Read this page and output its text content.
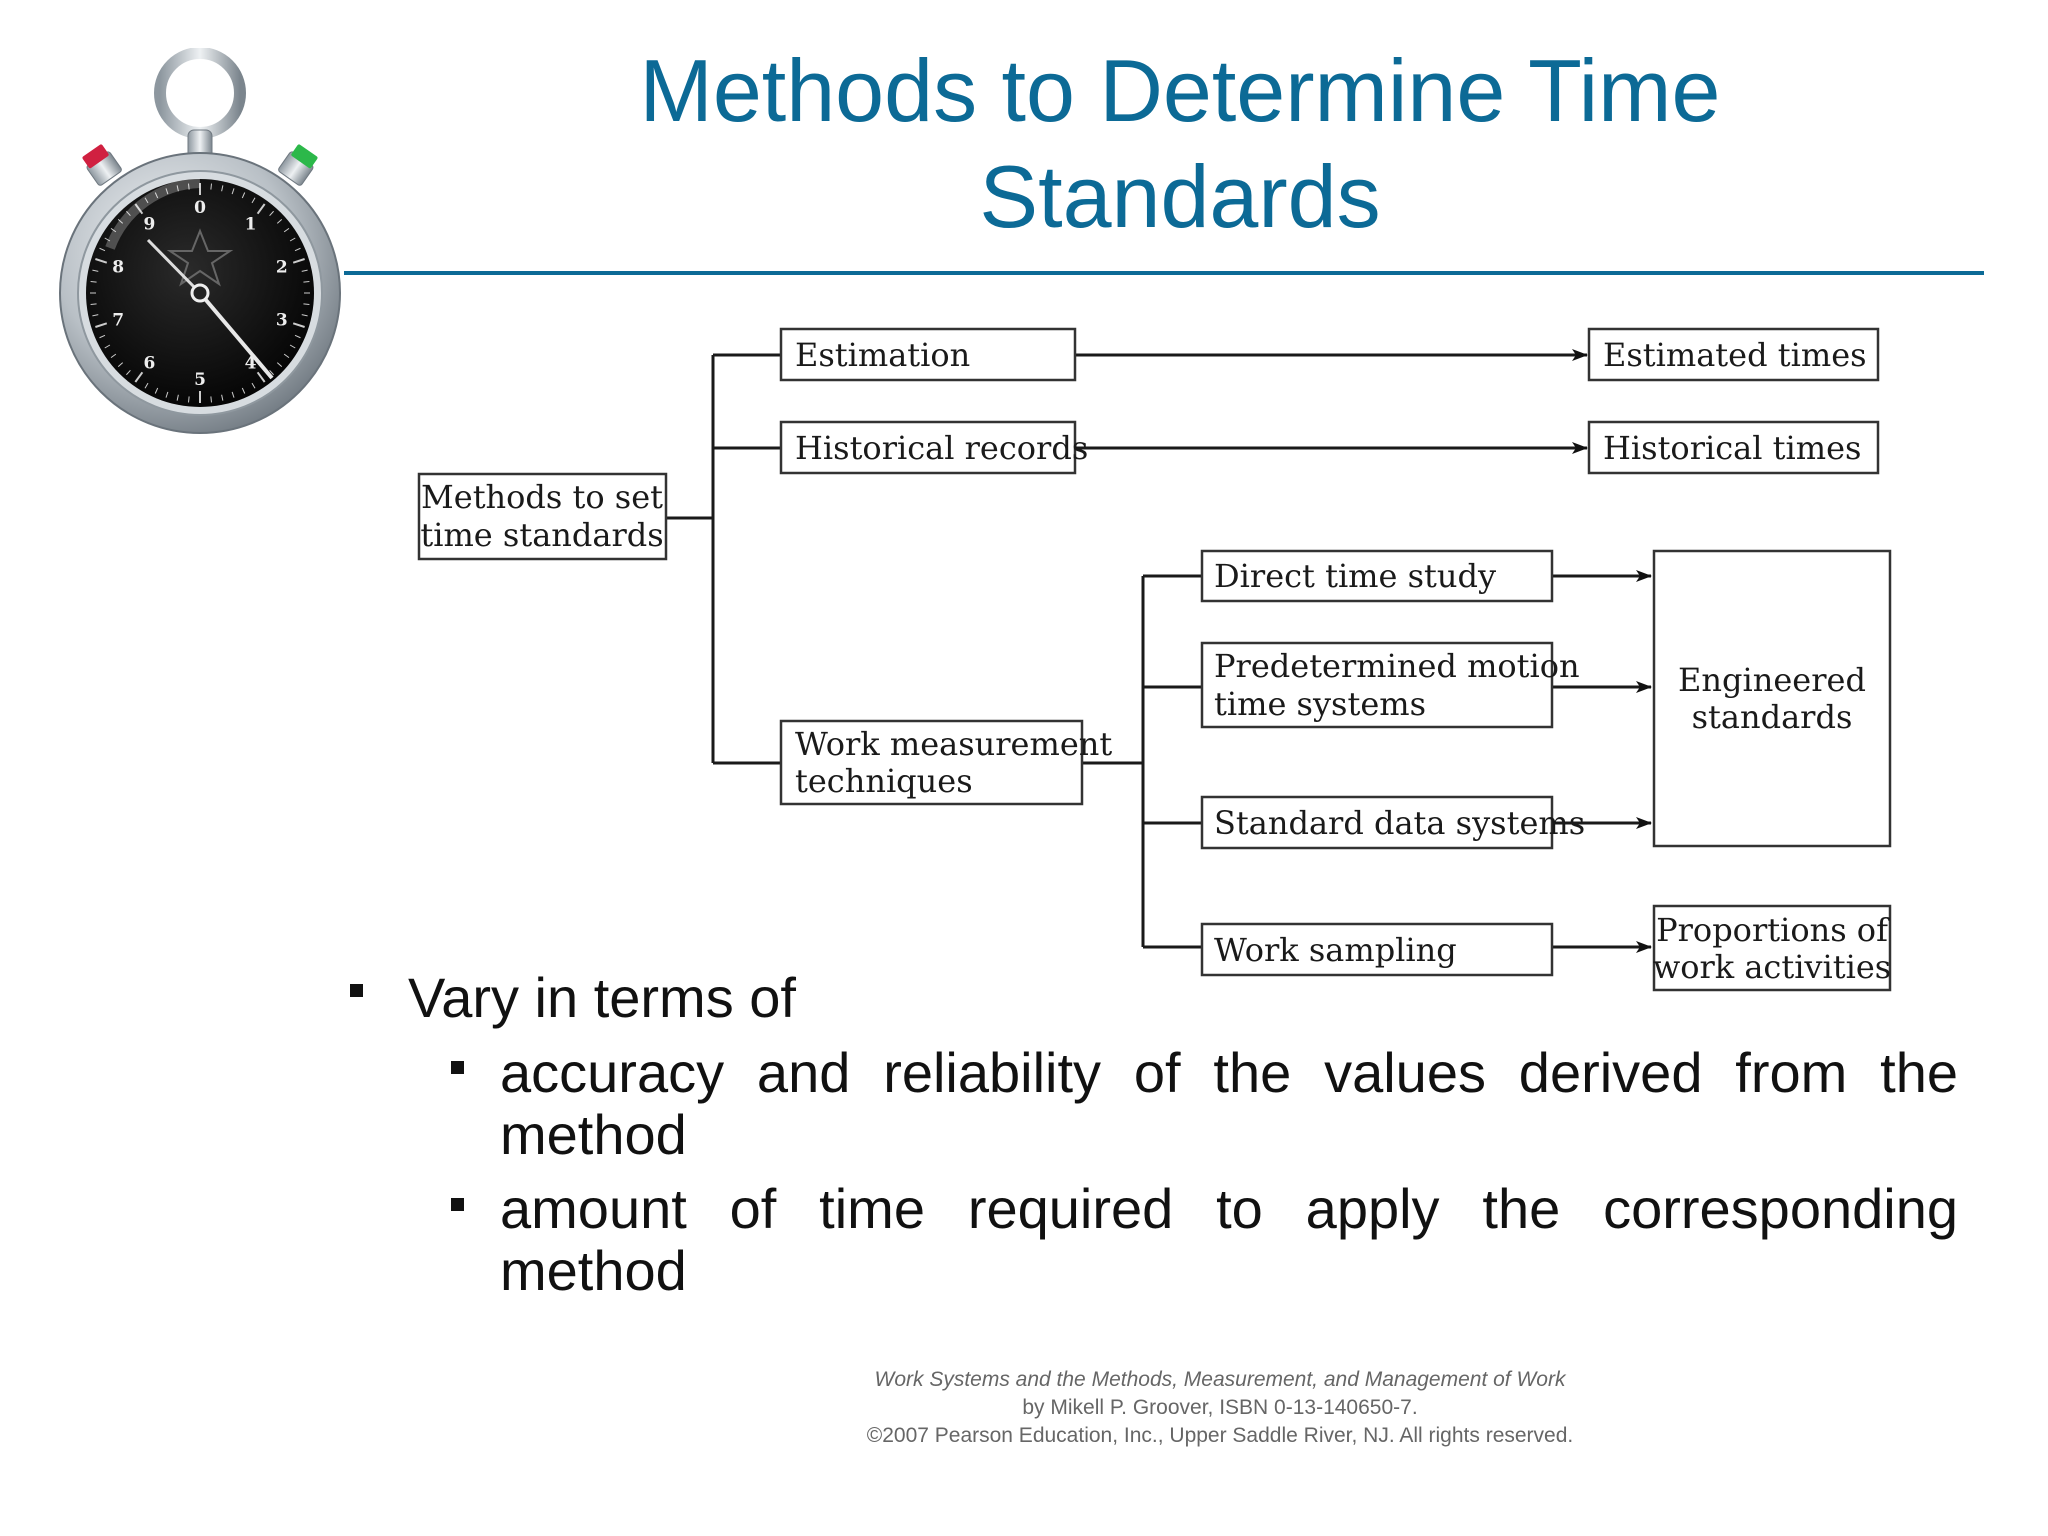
Methods to Determine Time
Standards
0
1
2
3
4
5
6
7
8
9
Methods to set
time standards
Estimation
Historical records
Work measurement
techniques
Direct time study
Predetermined motion
time systems
Standard data systems
Work sampling
Estimated times
Historical times
Engineered
standards
Proportions of
work activities
Vary in terms of

accuracy and reliability of the values derived from the method

amount of time required to apply the corresponding method

Work Systems and the Methods, Measurement, and Management of Work
by Mikell P. Groover, ISBN 0-13-140650-7.
©2007 Pearson Education, Inc., Upper Saddle River, NJ. All rights reserved.
